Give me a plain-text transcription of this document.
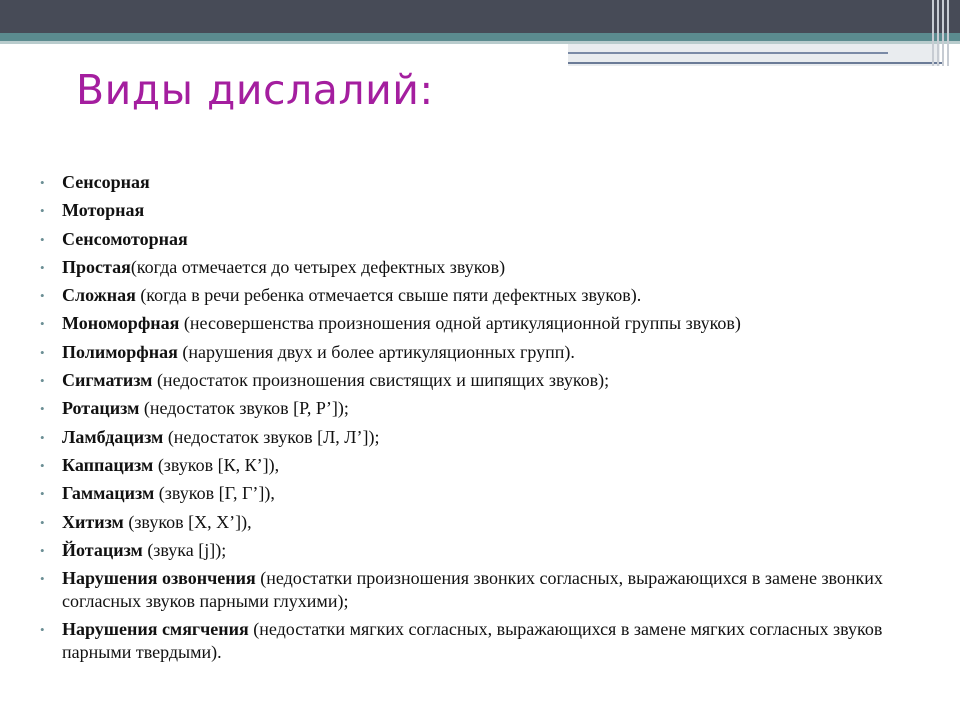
Виды дислалий:
• Сенсорная
• Моторная
• Сенсомоторная
• Простая(когда отмечается до четырех дефектных звуков)
• Сложная (когда в речи ребенка отмечается свыше пяти дефектных звуков).
• Мономорфная (несовершенства произношения одной артикуляционной группы звуков)
• Полиморфная (нарушения двух и более артикуляционных групп).
• Сигматизм (недостаток произношения свистящих и шипящих звуков);
• Ротацизм (недостаток звуков [Р, Р’]);
• Ламбдацизм (недостаток звуков [Л, Л’]);
• Каппацизм (звуков [К, К’]),
• Гаммацизм (звуков [Г, Г’]),
• Хитизм (звуков [Х, Х’]),
• Йотацизм (звука [j]);
• Нарушения озвончения (недостатки произношения звонких согласных, выражающихся в замене звонких согласных звуков парными глухими);
• Нарушения смягчения (недостатки мягких согласных, выражающихся в замене мягких согласных звуков парными твердыми).
